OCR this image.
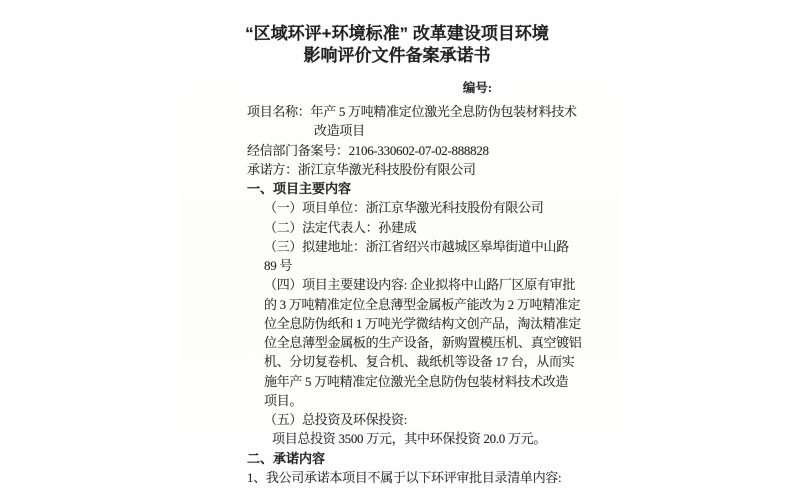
“区域环评+环境标准” 改革建设项目环境
影响评价文件备案承诺书
编号:

项目名称：年产 5 万吨精准定位激光全息防伪包装材料技术

改造项目

经信部门备案号：2106-330602-07-02-888828

承诺方：浙江京华激光科技股份有限公司

一、项目主要内容

（一）项目单位：浙江京华激光科技股份有限公司

（二）法定代表人：孙建成

（三）拟建地址：浙江省绍兴市越城区皋埠街道中山路

89 号

（四）项目主要建设内容: 企业拟将中山路厂区原有审批

的 3 万吨精准定位全息薄型金属板产能改为 2 万吨精准定

位全息防伪纸和 1 万吨光学微结构文创产品，淘汰精准定

位全息薄型金属板的生产设备，新购置模压机、真空镀铝

机、分切复卷机、复合机、裁纸机等设备 17 台，从而实

施年产 5 万吨精准定位激光全息防伪包装材料技术改造

项目。

（五）总投资及环保投资:

项目总投资 3500 万元，其中环保投资 20.0 万元。

二、承诺内容

1、我公司承诺本项目不属于以下环评审批目录清单内容:
